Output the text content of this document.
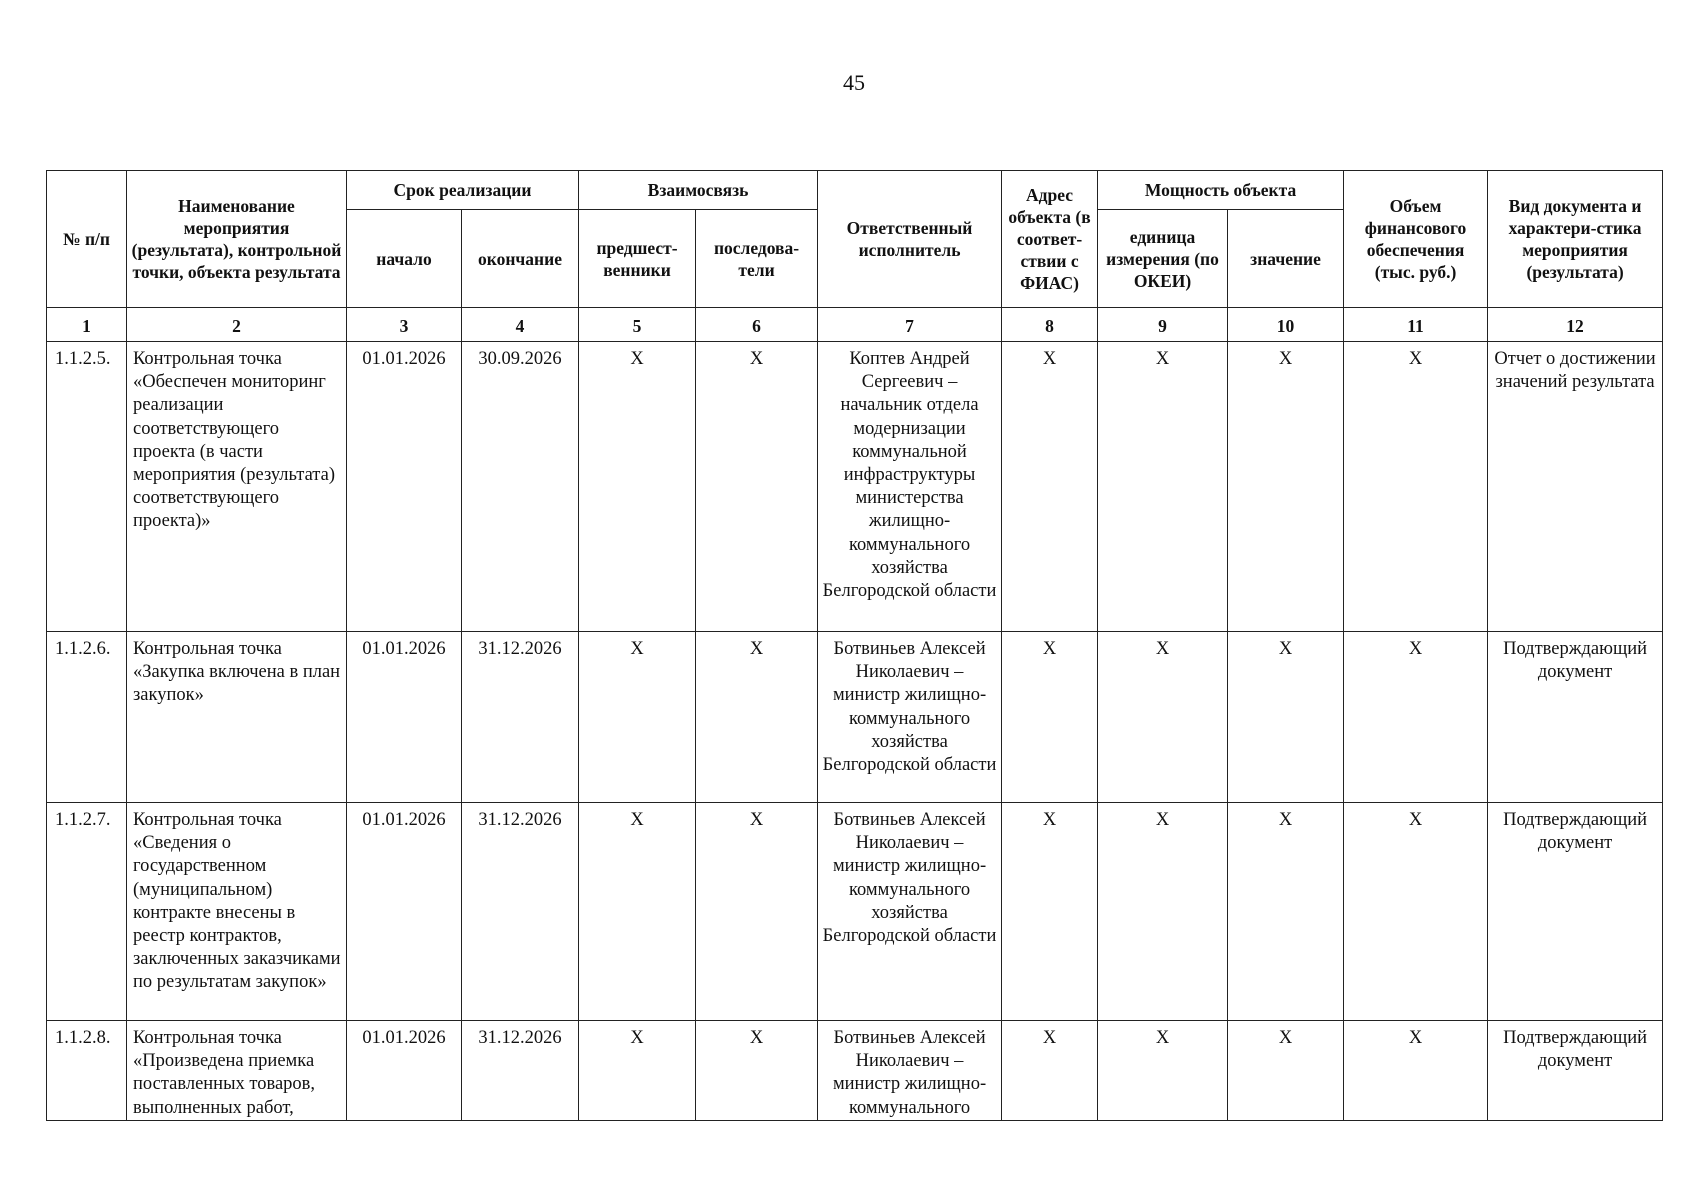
45
№ п/п	Наименование мероприятия (результата), контрольной точки, объекта результата	Срок реализации		Взаимосвязь		Ответственный исполнитель	Адрес объекта (в соответ-ствии с ФИАС)	Мощность объекта		Объем финансового обеспечения (тыс. руб.)	Вид документа и характери-стика мероприятия (результата)
		начало	окончание	предшест-венники	последова-тели			единица измерения (по ОКЕИ)	значение		
1	2	3	4	5	6	7	8	9	10	11	12
1.1.2.5.	Контрольная точка «Обеспечен мониторинг реализации соответствующего проекта (в части мероприятия (результата) соответствующего проекта)»	01.01.2026	30.09.2026	X	X	Коптев Андрей Сергеевич – начальник отдела модернизации коммунальной инфраструктуры министерства жилищно-коммунального хозяйства Белгородской области	X	X	X	X	Отчет о достижении значений результата
1.1.2.6.	Контрольная точка «Закупка включена в план закупок»	01.01.2026	31.12.2026	X	X	Ботвиньев Алексей Николаевич – министр жилищно-коммунального хозяйства Белгородской области	X	X	X	X	Подтверждающий документ
1.1.2.7.	Контрольная точка «Сведения о государственном (муниципальном) контракте внесены в реестр контрактов, заключенных заказчиками по результатам закупок»	01.01.2026	31.12.2026	X	X	Ботвиньев Алексей Николаевич – министр жилищно-коммунального хозяйства Белгородской области	X	X	X	X	Подтверждающий документ
1.1.2.8.	Контрольная точка «Произведена приемка поставленных товаров, выполненных работ,	01.01.2026	31.12.2026	X	X	Ботвиньев Алексей Николаевич – министр жилищно-коммунального	X	X	X	X	Подтверждающий документ
